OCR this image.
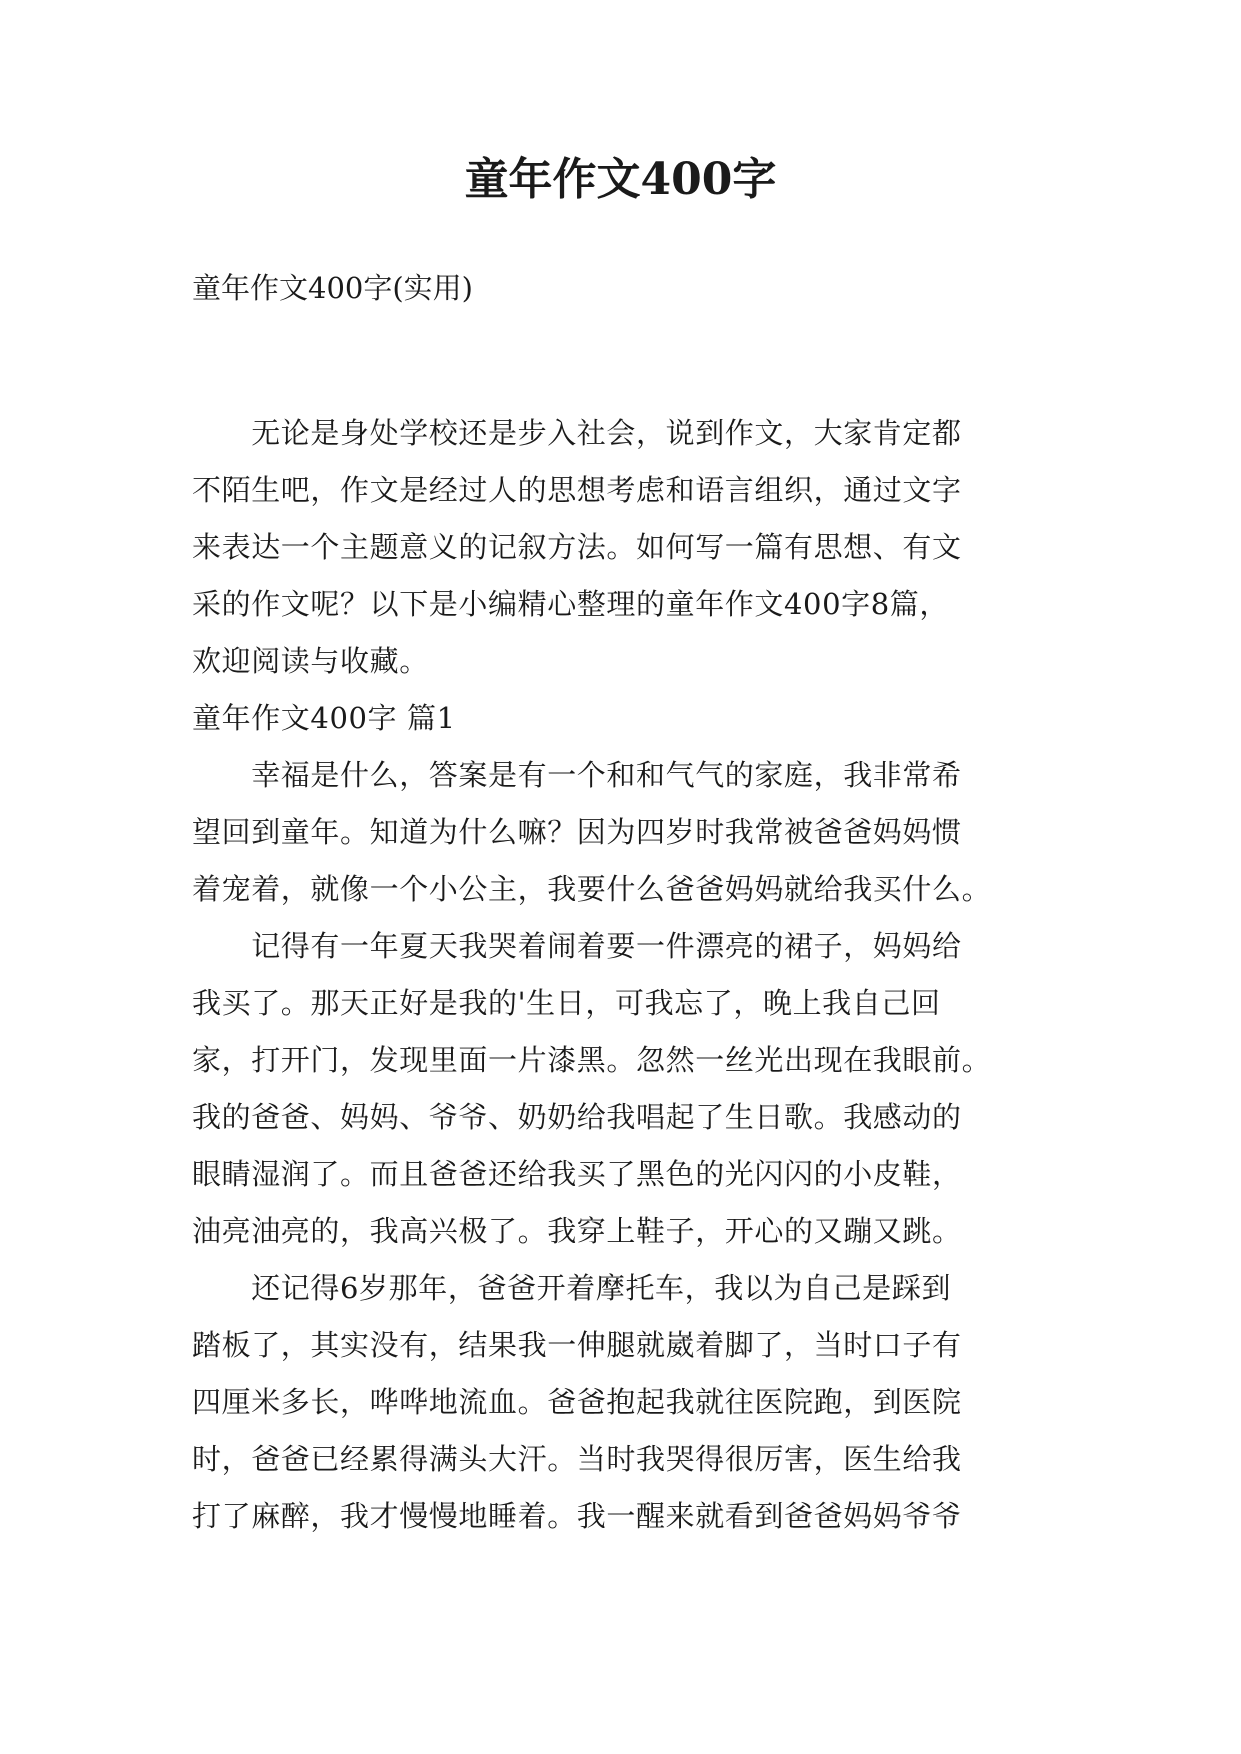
童年作文400字

童年作文400字(实用)

　　无论是身处学校还是步入社会，说到作文，大家肯定都
不陌生吧，作文是经过人的思想考虑和语言组织，通过文字
来表达一个主题意义的记叙方法。如何写一篇有思想、有文
采的作文呢？以下是小编精心整理的童年作文400字8篇，
欢迎阅读与收藏。
童年作文400字 篇1
　　幸福是什么，答案是有一个和和气气的家庭，我非常希
望回到童年。知道为什么嘛？因为四岁时我常被爸爸妈妈惯
着宠着，就像一个小公主，我要什么爸爸妈妈就给我买什么。
　　记得有一年夏天我哭着闹着要一件漂亮的裙子，妈妈给
我买了。那天正好是我的'生日，可我忘了，晚上我自己回
家，打开门，发现里面一片漆黑。忽然一丝光出现在我眼前。
我的爸爸、妈妈、爷爷、奶奶给我唱起了生日歌。我感动的
眼睛湿润了。而且爸爸还给我买了黑色的光闪闪的小皮鞋，
油亮油亮的，我高兴极了。我穿上鞋子，开心的又蹦又跳。
　　还记得6岁那年，爸爸开着摩托车，我以为自己是踩到
踏板了，其实没有，结果我一伸腿就崴着脚了，当时口子有
四厘米多长，哗哗地流血。爸爸抱起我就往医院跑，到医院
时，爸爸已经累得满头大汗。当时我哭得很厉害，医生给我
打了麻醉，我才慢慢地睡着。我一醒来就看到爸爸妈妈爷爷
